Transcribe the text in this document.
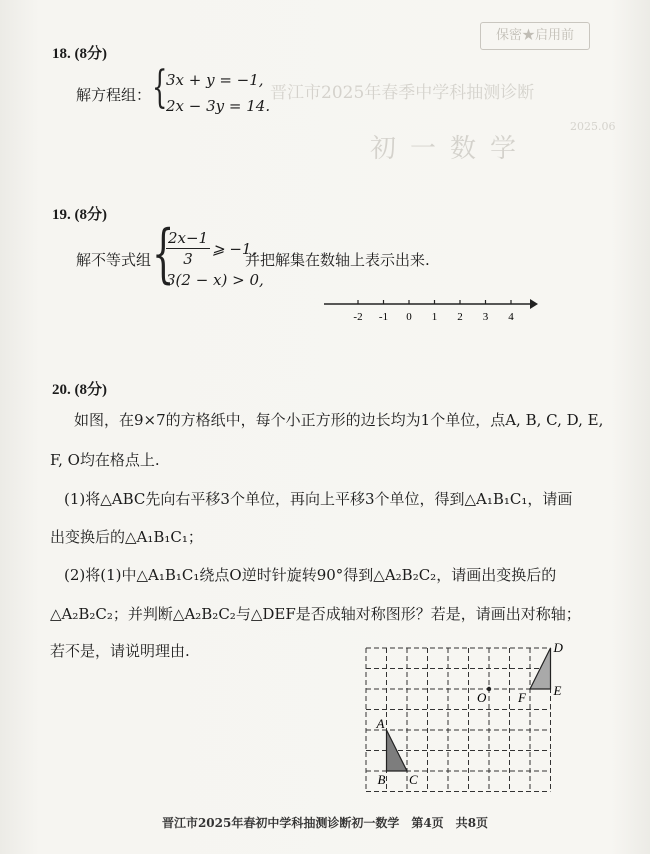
保密★启用前
晋江市2025年春季中学科抽测诊断
初一数学
2025.06
18. (8分)
解方程组： {
3x + y = −1,
2x − 3y = 14.
19. (8分)
解不等式组 {
2x−1
3
⩾ −1,
3(2 − x) > 0,
并把解集在数轴上表示出来.
-2 -1 0 1 2 3 4
20. (8分)
如图，在9×7的方格纸中，每个小正方形的边长均为1个单位，点A, B, C, D, E,
F, O均在格点上.
(1)将△ABC先向右平移3个单位，再向上平移3个单位，得到△A₁B₁C₁，请画
出变换后的△A₁B₁C₁；
(2)将(1)中△A₁B₁C₁绕点O逆时针旋转90°得到△A₂B₂C₂，请画出变换后的
△A₂B₂C₂；并判断△A₂B₂C₂与△DEF是否成轴对称图形？若是，请画出对称轴；
若不是，请说明理由.	D
E
F
O
A
B C
晋江市2025年春初中学科抽测诊断初一数学　第4页　共8页
